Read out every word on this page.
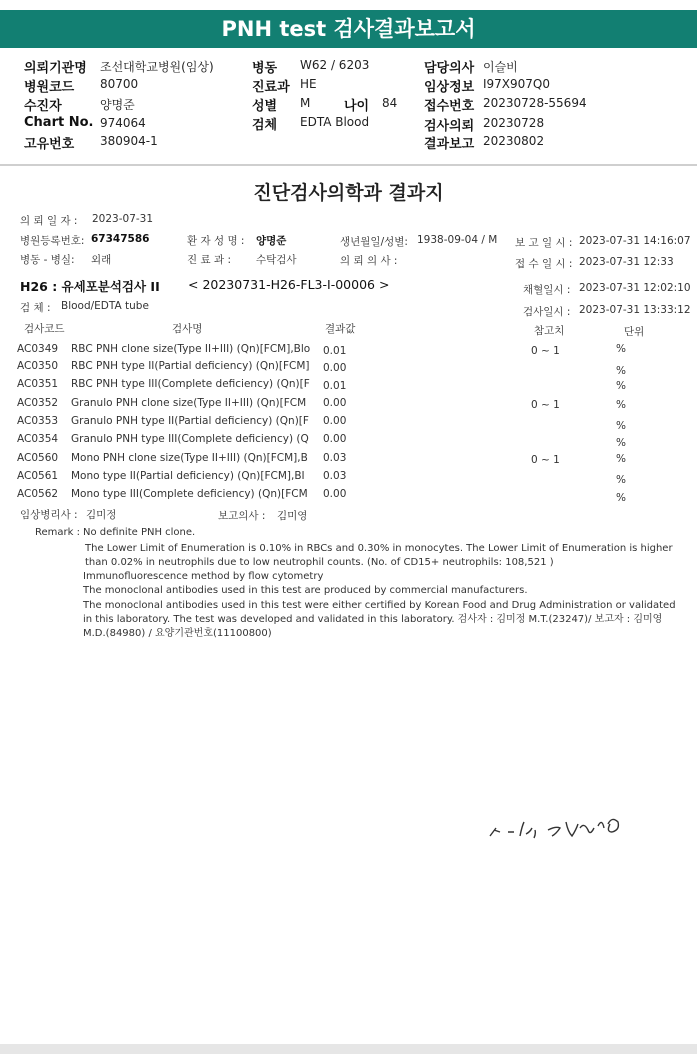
PNH test 검사결과보고서
의뢰기관명 조선대학교병원(임상)
병원코드 80700
수진자	양명준
Chart No. 974064
고유번호 380904-1
병동 W62 / 6203
진료과 HE
성별 M	나이 84
검체 EDTA Blood
담당의사 이슬비
임상정보 I97X907Q0
접수번호 20230728-55694
검사의뢰 20230728
결과보고 20230802
진단검사의학과 결과지
의 뢰 일 자 : 2023-07-31
병원등록번호: 67347586	환 자 성 명 : 양명준	생년월일/성별: 1938-09-04 / M 보 고 일 시 : 2023-07-31 14:16:07
병동 - 병실: 외래	진 료 과 : 수탁검사	의 뢰 의 사 :	접 수 일 시 : 2023-07-31 12:33
H26 : 유세포분석검사 II < 20230731-H26-FL3-I-00006 >	채혈일시 : 2023-07-31 12:02:10
검 체 : Blood/EDTA tube	검사일시 : 2023-07-31 13:33:12
검사코드	검사명	결과값	참고치	단위
임상병리사 : 김미정	보고의사 : 김미영
Remark : No definite PNH clone.
The Lower Limit of Enumeration is 0.10% in RBCs and 0.30% in monocytes. The Lower Limit of Enumeration is higher than 0.02% in neutrophils due to low neutrophil counts. (No. of CD15+ neutrophils: 108,521 )
Immunofluorescence method by flow cytometry
The monoclonal antibodies used in this test are produced by commercial manufacturers.
The monoclonal antibodies used in this test were either certified by Korean Food and Drug Administration or validated in this laboratory. The test was developed and validated in this laboratory. 검사자 : 김미정 M.T.(23247)/ 보고자 : 김미영 M.D.(84980) / 요양기관번호(11100800)
AC0349 RBC PNH clone size(Type II+III) (Qn)[FCM],Blo 0.01	0 ~ 1	%
AC0350 RBC PNH type II(Partial deficiency) (Qn)[FCM] 0.00	%
AC0351 RBC PNH type III(Complete deficiency) (Qn)[F 0.01	%
AC0352 Granulo PNH clone size(Type II+III) (Qn)[FCM 0.00	0 ~ 1	%
AC0353 Granulo PNH type II(Partial deficiency) (Qn)[F 0.00	%
AC0354 Granulo PNH type III(Complete deficiency) (Q 0.00	%
AC0560 Mono PNH clone size(Type II+III) (Qn)[FCM],B 0.03	0 ~ 1	%
AC0561 Mono type II(Partial deficiency) (Qn)[FCM],BI 0.03	%
AC0562 Mono type III(Complete deficiency) (Qn)[FCM 0.00	%
